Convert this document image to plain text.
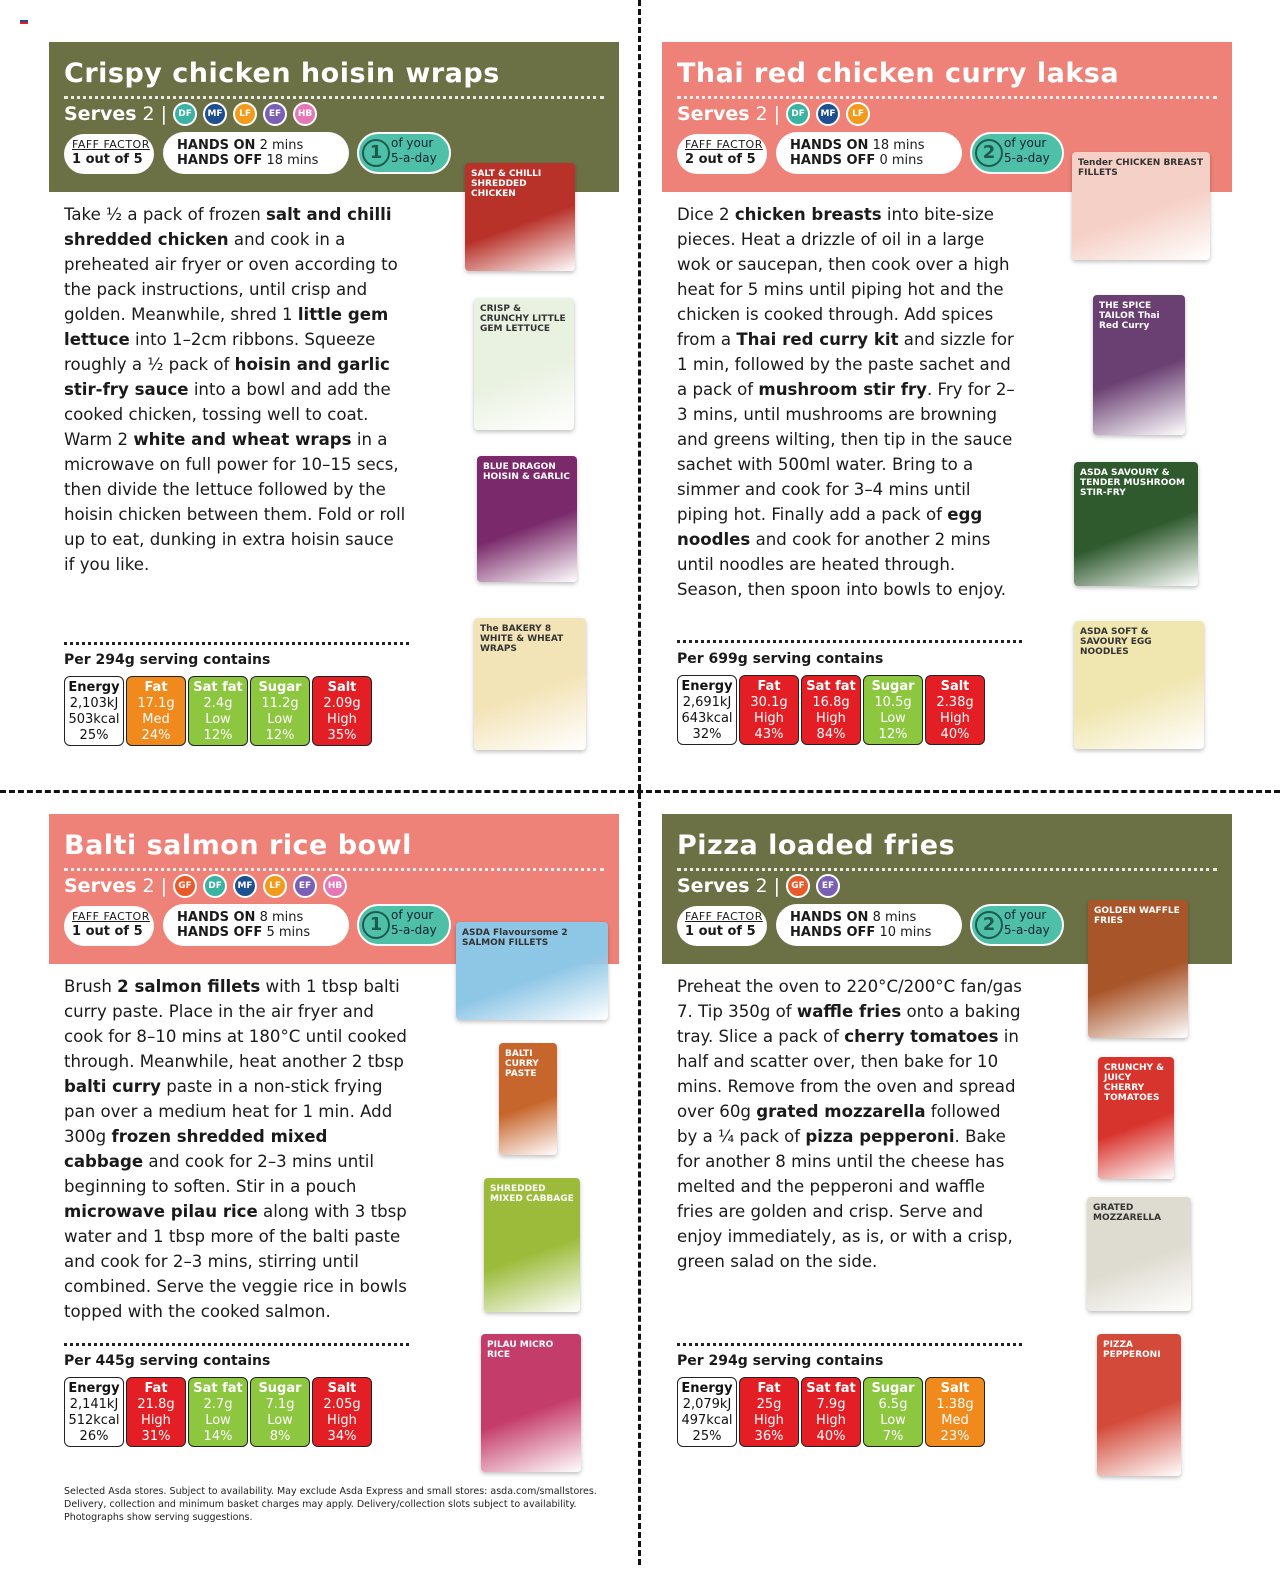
Crispy chicken hoisin wraps
Serves 2 |	DF	MF	LF	EF	HB
FAFF FACTOR
1 out of 5
HANDS ON 2 mins
HANDS OFF 18 mins	1 of your
5-a-day
Take ½ a pack of frozen salt and chilli shredded chicken and cook in a preheated air fryer or oven according to the pack instructions, until crisp and golden. Meanwhile, shred 1 little gem lettuce into 1–2cm ribbons. Squeeze roughly a ½ pack of hoisin and garlic stir-fry sauce into a bowl and add the cooked chicken, tossing well to coat. Warm 2 white and wheat wraps in a microwave on full power for 10–15 secs, then divide the lettuce followed by the hoisin chicken between them. Fold or roll up to eat, dunking in extra hoisin sauce if you like.
Per 294g serving contains
Energy
2,103kJ
503kcal
25%
Fat
17.1g
Med
24%
Sat fat
2.4g
Low
12%
Sugar
11.2g
Low
12%
Salt
2.09g
High
35%
Thai red chicken curry laksa
Serves 2 |	DF	MF	LF
FAFF FACTOR
2 out of 5
HANDS ON 18 mins
HANDS OFF 0 mins	2 of your
5-a-day
Dice 2 chicken breasts into bite-size pieces. Heat a drizzle of oil in a large wok or saucepan, then cook over a high heat for 5 mins until piping hot and the chicken is cooked through. Add spices from a Thai red curry kit and sizzle for 1 min, followed by the paste sachet and a pack of mushroom stir fry. Fry for 2–3 mins, until mushrooms are browning and greens wilting, then tip in the sauce sachet with 500ml water. Bring to a simmer and cook for 3–4 mins until piping hot. Finally add a pack of egg noodles and cook for another 2 mins until noodles are heated through. Season, then spoon into bowls to enjoy.
Per 699g serving contains
Energy
2,691kJ
643kcal
32%
Fat
30.1g
High
43%
Sat fat
16.8g
High
84%
Sugar
10.5g
Low
12%
Salt
2.38g
High
40%
Balti salmon rice bowl
Serves 2 |	GF	DF	MF	LF	EF	HB
FAFF FACTOR
1 out of 5
HANDS ON 8 mins
HANDS OFF 5 mins	1 of your
5-a-day
Brush 2 salmon fillets with 1 tbsp balti curry paste. Place in the air fryer and cook for 8–10 mins at 180°C until cooked through. Meanwhile, heat another 2 tbsp balti curry paste in a non-stick frying pan over a medium heat for 1 min. Add 300g frozen shredded mixed cabbage and cook for 2–3 mins until beginning to soften. Stir in a pouch microwave pilau rice along with 3 tbsp water and 1 tbsp more of the balti paste and cook for 2–3 mins, stirring until combined. Serve the veggie rice in bowls topped with the cooked salmon.
Per 445g serving contains
Energy
2,141kJ
512kcal
26%
Fat
21.8g
High
31%
Sat fat
2.7g
Low
14%
Sugar
7.1g
Low
8%
Salt
2.05g
High
34%
Pizza loaded fries
Serves 2 |	GF	EF
FAFF FACTOR
1 out of 5
HANDS ON 8 mins
HANDS OFF 10 mins	2 of your
5-a-day
Preheat the oven to 220°C/200°C fan/gas 7. Tip 350g of waffle fries onto a baking tray. Slice a pack of cherry tomatoes in half and scatter over, then bake for 10 mins. Remove from the oven and spread over 60g grated mozzarella followed by a ¼ pack of pizza pepperoni. Bake for another 8 mins until the cheese has melted and the pepperoni and waffle fries are golden and crisp. Serve and enjoy immediately, as is, or with a crisp, green salad on the side.
Per 294g serving contains
Energy
2,079kJ
497kcal
25%
Fat
25g
High
36%
Sat fat
7.9g
High
40%
Sugar
6.5g
Low
7%
Salt
1.38g
Med
23%
Selected Asda stores. Subject to availability. May exclude Asda Express and small stores: asda.com/smallstores. Delivery, collection and minimum basket charges may apply. Delivery/collection slots subject to availability. Photographs show serving suggestions.
SALT & CHILLI SHREDDED CHICKEN
CRISP & CRUNCHY LITTLE GEM LETTUCE
BLUE DRAGON HOISIN & GARLIC
The BAKERY 8 WHITE & WHEAT WRAPS
Tender CHICKEN BREAST FILLETS
THE SPICE TAILOR Thai Red Curry
ASDA SAVOURY & TENDER MUSHROOM STIR-FRY
ASDA SOFT & SAVOURY EGG NOODLES
ASDA Flavoursome 2 SALMON FILLETS
BALTI CURRY PASTE
SHREDDED MIXED CABBAGE
PILAU MICRO RICE
GOLDEN WAFFLE FRIES
CRUNCHY & JUICY CHERRY TOMATOES
GRATED MOZZARELLA
PIZZA PEPPERONI
